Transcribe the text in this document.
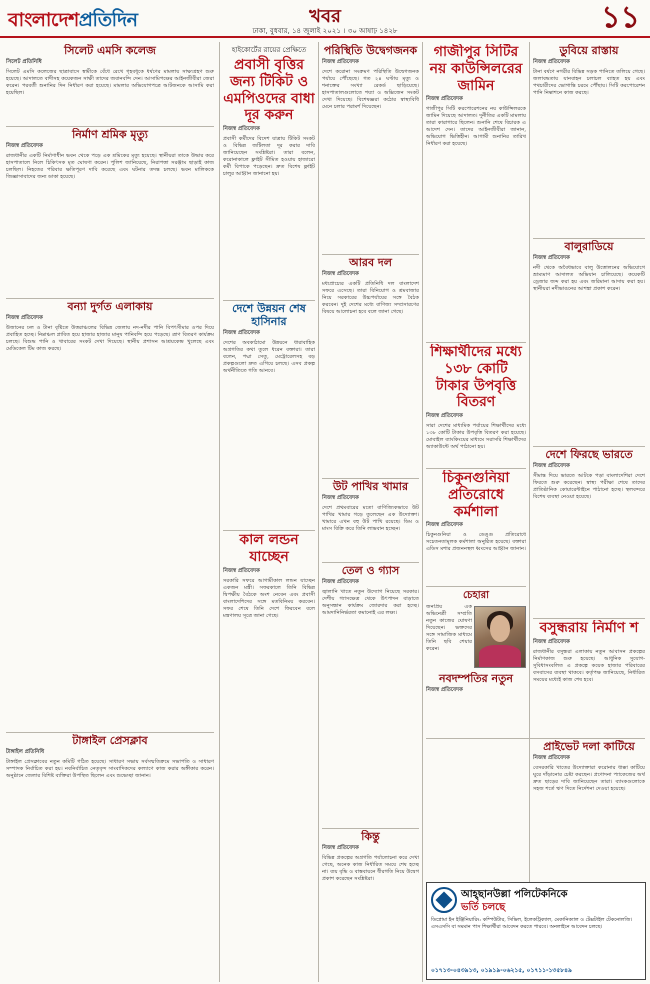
বাংলাদেশপ্রতিদিন	খবর
ঢাকা, বুধবার, ১৪ জুলাই ২০২১ । ৩০ আষাঢ় ১৪২৮	১১
সিলেট এমসি কলেজ
সিলেট প্রতিনিধি

সিলেট এমসি কলেজের ছাত্রাবাসে স্বামীকে বেঁধে রেখে গৃহবধূকে ধর্ষণের মামলায় সাক্ষ্যগ্রহণ শুরু হয়েছে। আদালতে বাদীসহ কয়েকজন সাক্ষী তাদের জবানবন্দি দেন। আসামিপক্ষের আইনজীবীরা জেরা করেন। পরবর্তী শুনানির দিন নির্ধারণ করা হয়েছে। মামলার অভিযোগপত্রে আটজনকে আসামি করা হয়েছিল।

নির্মাণ শ্রমিক মৃত্যু
নিজস্ব প্রতিবেদক

রাজধানীর একটি নির্মাণাধীন ভবন থেকে পড়ে এক শ্রমিকের মৃত্যু হয়েছে। স্থানীয়রা তাকে উদ্ধার করে হাসপাতালে নিলে চিকিৎসক মৃত ঘোষণা করেন। পুলিশ জানিয়েছে, নিরাপত্তা সরঞ্জাম ছাড়াই কাজ চলছিল। নিহতের পরিবার ক্ষতিপূরণ দাবি করেছে এবং ঘটনার তদন্ত চলছে। ভবন মালিককে জিজ্ঞাসাবাদের জন্য ডাকা হয়েছে।

বন্যা দুর্গত এলাকায়
নিজস্ব প্রতিবেদক

উজানের ঢল ও টানা বৃষ্টিতে উত্তরাঞ্চলের বিভিন্ন জেলায় নদ-নদীর পানি বিপৎসীমার ওপর দিয়ে প্রবাহিত হচ্ছে। নিম্নাঞ্চল প্লাবিত হয়ে হাজার হাজার মানুষ পানিবন্দি হয়ে পড়েছে। ত্রাণ বিতরণ কার্যক্রম চলছে। বিশুদ্ধ পানি ও খাবারের সংকট দেখা দিয়েছে। স্থানীয় প্রশাসন আশ্রয়কেন্দ্র খুলেছে এবং মেডিকেল টিম কাজ করছে।

টাঙ্গাইল প্রেসক্লাব
টাঙ্গাইল প্রতিনিধি

টাঙ্গাইল প্রেসক্লাবের নতুন কমিটি গঠিত হয়েছে। সাধারণ সভায় সর্বসম্মতিক্রমে সভাপতি ও সাধারণ সম্পাদক নির্বাচিত করা হয়। নবনির্বাচিত নেতৃবৃন্দ সাংবাদিকদের কল্যাণে কাজ করার অঙ্গীকার করেন। অনুষ্ঠানে জেলার বিশিষ্ট ব্যক্তিরা উপস্থিত ছিলেন এবং শুভেচ্ছা জানান।

হাইকোর্টের রায়ের প্রেক্ষিতে
প্রবাসী বৃত্তির জন্য টিকিট ও এমপিওদের বাধা দূর করুন
নিজস্ব প্রতিবেদক

প্রবাসী কর্মীদের বিদেশ যাত্রায় টিকিট সংকট ও বিভিন্ন জটিলতা দূর করার দাবি জানিয়েছেন সংশ্লিষ্টরা। তারা বলেন, করোনাকালে ফ্লাইট সীমিত হওয়ায় হাজারো কর্মী বিপাকে পড়েছেন। দ্রুত বিশেষ ফ্লাইট চালুর আহ্বান জানানো হয়।

দেশে উন্নয়ন শেষ হাসিনার
নিজস্ব প্রতিবেদক

দেশের অবকাঠামো উন্নয়নে ধারাবাহিক অগ্রগতির কথা তুলে ধরেন বক্তারা। তারা বলেন, পদ্মা সেতু, মেট্রোরেলসহ বড় প্রকল্পগুলো দ্রুত এগিয়ে চলছে। এসব প্রকল্প অর্থনীতিতে গতি আনবে।

কাল লন্ডন যাচ্ছেন
নিজস্ব প্রতিবেদক

সরকারি সফরে আগামীকাল লন্ডন যাচ্ছেন একজন মন্ত্রী। সফরকালে তিনি বিভিন্ন দ্বিপক্ষীয় বৈঠকে অংশ নেবেন এবং প্রবাসী বাংলাদেশিদের সঙ্গে মতবিনিময় করবেন। সফর শেষে তিনি দেশে ফিরবেন বলে মন্ত্রণালয় সূত্রে জানা গেছে।

পরিস্থিতি উদ্বেগজনক
নিজস্ব প্রতিবেদক

দেশে করোনা সংক্রমণ পরিস্থিতি উদ্বেগজনক পর্যায়ে পৌঁছেছে। গত ২৪ ঘণ্টায় মৃত্যু ও শনাক্তের সংখ্যা রেকর্ড ছাড়িয়েছে। হাসপাতালগুলোতে শয্যা ও অক্সিজেন সংকট দেখা দিয়েছে। বিশেষজ্ঞরা কঠোর স্বাস্থ্যবিধি মেনে চলার পরামর্শ দিয়েছেন।

আরব দল
নিজস্ব প্রতিবেদক

মধ্যপ্রাচ্যের একটি প্রতিনিধি দল বাংলাদেশ সফরে এসেছে। তারা বিনিয়োগ ও শ্রমবাজার নিয়ে সরকারের উচ্চপর্যায়ের সঙ্গে বৈঠক করবেন। দুই দেশের মধ্যে বাণিজ্য সম্প্রসারণের বিষয়ে আলোচনা হবে বলে জানা গেছে।

উট পাখির খামার
নিজস্ব প্রতিবেদক

দেশে প্রথমবারের মতো বাণিজ্যিকভাবে উট পাখির খামার গড়ে তুলেছেন এক উদ্যোক্তা। খামারে এখন বহু উট পাখি রয়েছে। ডিম ও মাংস বিক্রি করে তিনি লাভবান হচ্ছেন।

তেল ও গ্যাস
নিজস্ব প্রতিবেদক

জ্বালানি খাতে নতুন উদ্যোগ নিয়েছে সরকার। দেশীয় গ্যাসক্ষেত্র থেকে উৎপাদন বাড়াতে অনুসন্ধান কার্যক্রম জোরদার করা হচ্ছে। আমদানিনির্ভরতা কমানোই এর লক্ষ্য।

কিন্তু
নিজস্ব প্রতিবেদক

বিভিন্ন প্রকল্পের অগ্রগতি পর্যালোচনা করে দেখা গেছে, অনেক কাজ নির্ধারিত সময়ে শেষ হচ্ছে না। ব্যয় বৃদ্ধি ও বাস্তবায়নে ধীরগতি নিয়ে উদ্বেগ প্রকাশ করেছেন সংশ্লিষ্টরা।

গাজীপুর সিটির নয় কাউন্সিলরের জামিন
নিজস্ব প্রতিবেদক

গাজীপুর সিটি করপোরেশনের নয় কাউন্সিলরকে জামিন দিয়েছে আদালত। দুর্নীতির একটি মামলায় তারা কারাগারে ছিলেন। শুনানি শেষে বিচারক এ আদেশ দেন। তাদের আইনজীবীরা জানান, অভিযোগ ভিত্তিহীন। আগামী শুনানির তারিখ নির্ধারণ করা হয়েছে।

শিক্ষার্থীদের মধ্যে ১৩৮ কোটি টাকার উপবৃত্তি বিতরণ
নিজস্ব প্রতিবেদক

সারা দেশের মাধ্যমিক পর্যায়ের শিক্ষার্থীদের মধ্যে ১৩৮ কোটি টাকার উপবৃত্তি বিতরণ করা হয়েছে। মোবাইল ব্যাংকিংয়ের মাধ্যমে সরাসরি শিক্ষার্থীদের অ্যাকাউন্টে অর্থ পাঠানো হয়।

চিকুনগুনিয়া প্রতিরোধে কর্মশালা
নিজস্ব প্রতিবেদক

চিকুনগুনিয়া ও ডেঙ্গু প্রতিরোধে সচেতনতামূলক কর্মশালা অনুষ্ঠিত হয়েছে। বক্তারা এডিস মশার প্রজননস্থল ধ্বংসের আহ্বান জানান।

চেহারা

জনপ্রিয় এক অভিনেত্রী সম্প্রতি নতুন কাজের ঘোষণা দিয়েছেন। ভক্তদের সঙ্গে সামাজিক মাধ্যমে তিনি ছবি শেয়ার করেন।

নবদম্পতির নতুন
নিজস্ব প্রতিবেদক
ডুবিয়ে রাস্তায়
নিজস্ব প্রতিবেদক

টানা বর্ষণে নগরীর বিভিন্ন সড়ক পানিতে তলিয়ে গেছে। জলাবদ্ধতায় যানবাহন চলাচল ব্যাহত হয় এবং পথচারীদের ভোগান্তি চরমে পৌঁছায়। সিটি করপোরেশন পানি নিষ্কাশনে কাজ করছে।

বালুরাডিয়ে
নিজস্ব প্রতিবেদক

নদী থেকে অবৈধভাবে বালু উত্তোলনের অভিযোগে ভ্রাম্যমাণ আদালত অভিযান চালিয়েছে। কয়েকটি ড্রেজার জব্দ করা হয় এবং জরিমানা আদায় করা হয়। স্থানীয়রা নদীভাঙনের আশঙ্কা প্রকাশ করেন।

দেশে ফিরছে ভারতে
নিজস্ব প্রতিবেদক

সীমান্ত দিয়ে ভারতে আটকে পড়া বাংলাদেশিরা দেশে ফিরতে শুরু করেছেন। স্বাস্থ্য পরীক্ষা শেষে তাদের প্রাতিষ্ঠানিক কোয়ারেন্টাইনে পাঠানো হচ্ছে। স্থলবন্দরে বিশেষ ব্যবস্থা নেওয়া হয়েছে।

বসুন্ধরায় নির্মাণ শ
নিজস্ব প্রতিবেদক

রাজধানীর বসুন্ধরা এলাকায় নতুন আবাসন প্রকল্পের নির্মাণকাজ শুরু হয়েছে। আধুনিক সুযোগ-সুবিধাসংবলিত এ প্রকল্পে কয়েক হাজার পরিবারের বসবাসের ব্যবস্থা থাকবে। কর্তৃপক্ষ জানিয়েছে, নির্ধারিত সময়ের মধ্যেই কাজ শেষ হবে।

প্রাইভেট দলা কাটিয়ে
নিজস্ব প্রতিবেদক

বেসরকারি খাতের উদ্যোক্তারা করোনার ধাক্কা কাটিয়ে ঘুরে দাঁড়ানোর চেষ্টা করছেন। প্রণোদনা প্যাকেজের অর্থ দ্রুত ছাড়ের দাবি জানিয়েছেন তারা। ব্যাংকগুলোকে সহজ শর্তে ঋণ দিতে নির্দেশনা দেওয়া হয়েছে।

আহ্ছানউল্লা পলিটেকনিকে
ভর্তি চলছে
ডিপ্লোমা ইন ইঞ্জিনিয়ারিং: কম্পিউটার, সিভিল, ইলেকট্রিক্যাল, মেকানিক্যাল ও টেক্সটাইল টেকনোলজি। এসএসসি বা সমমান পাস শিক্ষার্থীরা আবেদন করতে পারবে। অনলাইনে আবেদন চলছে।
০১৭১৩-০৪৩৯১৩, ০১৯১৯-০৬২১৫, ০১৭১১-১৩৫৮৪৯
